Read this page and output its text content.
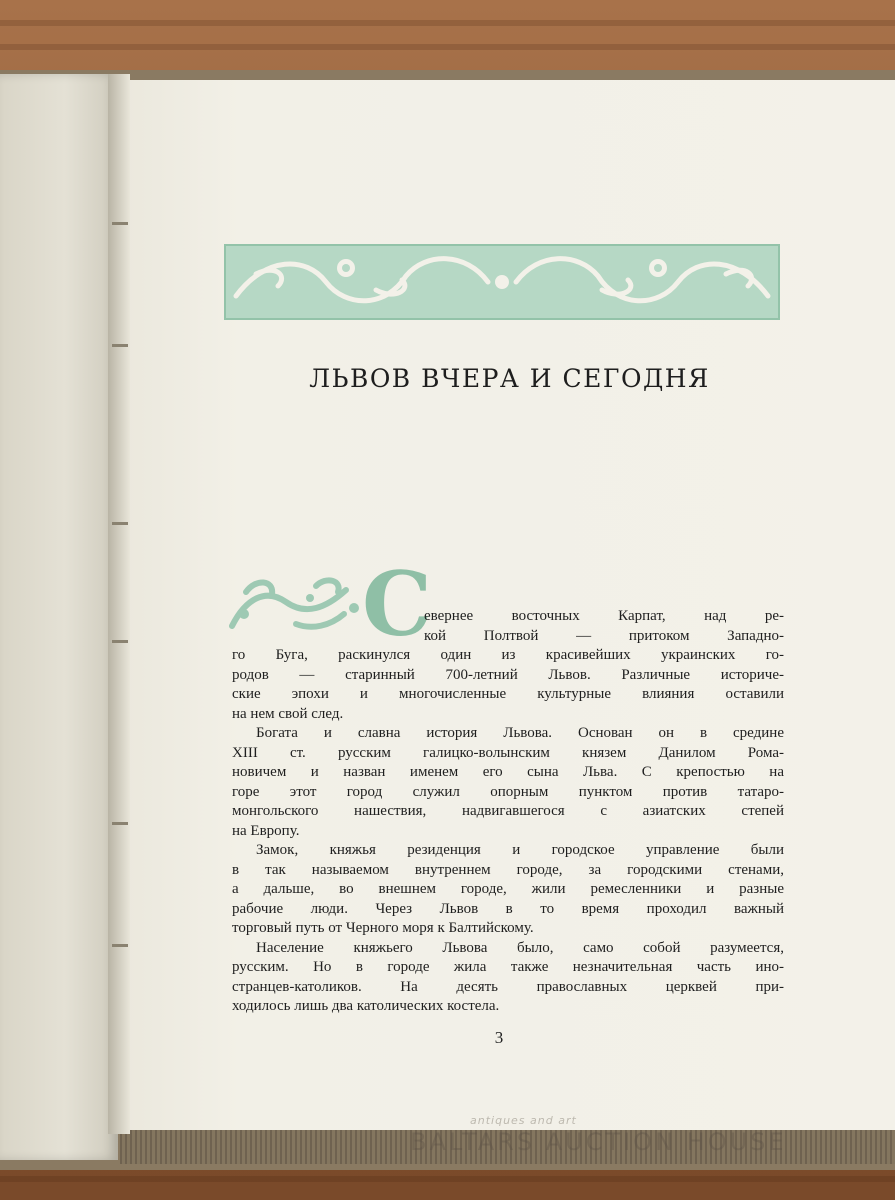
ЛЬВОВ ВЧЕРА И СЕГОДНЯ
С
евернее восточных Карпат, над ре-
кой Полтвой — притоком Западно-
го Буга, раскинулся один из красивейших украинских го-
родов — старинный 700-летний Львов. Различные историче-
ские эпохи и многочисленные культурные влияния оставили
на нем свой след.
Богата и славна история Львова. Основан он в средине
XIII ст. русским галицко-волынским князем Данилом Рома-
новичем и назван именем его сына Льва. С крепостью на
горе этот город служил опорным пунктом против татаро-
монгольского нашествия, надвигавшегося с азиатских степей
на Европу.
Замок, княжья резиденция и городское управление были
в так называемом внутреннем городе, за городскими стенами,
а дальше, во внешнем городе, жили ремесленники и разные
рабочие люди. Через Львов в то время проходил важный
торговый путь от Черного моря к Балтийскому.
Население княжьего Львова было, само собой разумеется,
русским. Но в городе жила также незначительная часть ино-
странцев-католиков. На десять православных церквей при-
ходилось лишь два католических костела.
3
antiques and art
BALTARS AUCTION HOUSE
